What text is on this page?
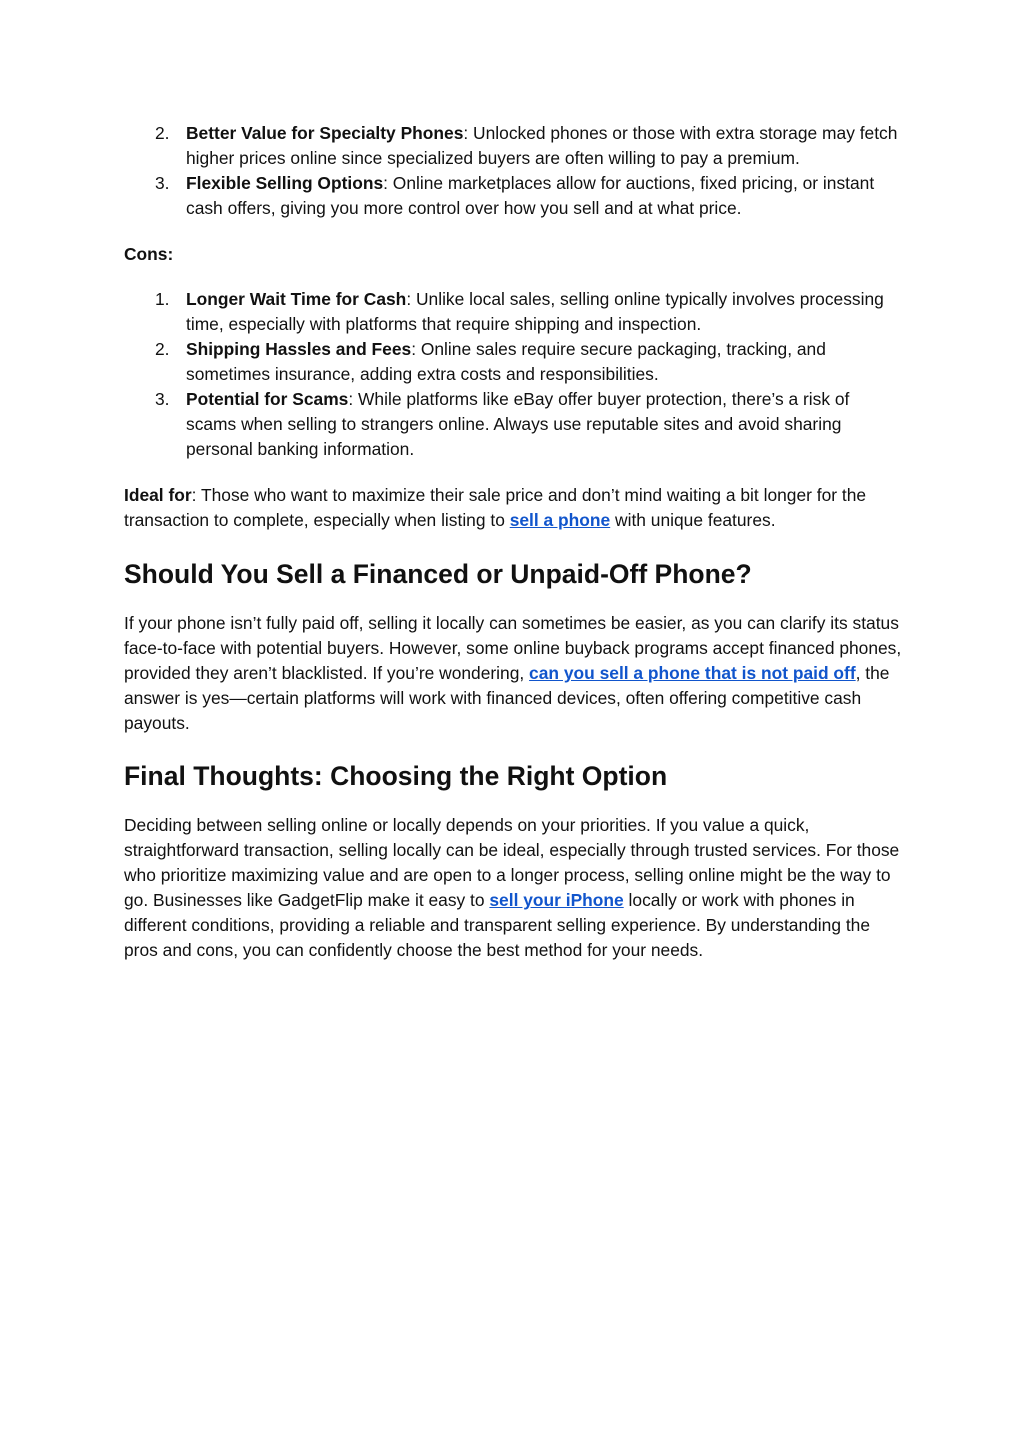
2. Better Value for Specialty Phones: Unlocked phones or those with extra storage may fetch higher prices online since specialized buyers are often willing to pay a premium.
3. Flexible Selling Options: Online marketplaces allow for auctions, fixed pricing, or instant cash offers, giving you more control over how you sell and at what price.

Cons:

1. Longer Wait Time for Cash: Unlike local sales, selling online typically involves processing time, especially with platforms that require shipping and inspection.
2. Shipping Hassles and Fees: Online sales require secure packaging, tracking, and sometimes insurance, adding extra costs and responsibilities.
3. Potential for Scams: While platforms like eBay offer buyer protection, there’s a risk of scams when selling to strangers online. Always use reputable sites and avoid sharing personal banking information.

Ideal for: Those who want to maximize their sale price and don’t mind waiting a bit longer for the transaction to complete, especially when listing to sell a phone with unique features.

Should You Sell a Financed or Unpaid-Off Phone?

If your phone isn’t fully paid off, selling it locally can sometimes be easier, as you can clarify its status face-to-face with potential buyers. However, some online buyback programs accept financed phones, provided they aren’t blacklisted. If you’re wondering, can you sell a phone that is not paid off, the answer is yes—certain platforms will work with financed devices, often offering competitive cash payouts.

Final Thoughts: Choosing the Right Option

Deciding between selling online or locally depends on your priorities. If you value a quick, straightforward transaction, selling locally can be ideal, especially through trusted services. For those who prioritize maximizing value and are open to a longer process, selling online might be the way to go. Businesses like GadgetFlip make it easy to sell your iPhone locally or work with phones in different conditions, providing a reliable and transparent selling experience. By understanding the pros and cons, you can confidently choose the best method for your needs.
